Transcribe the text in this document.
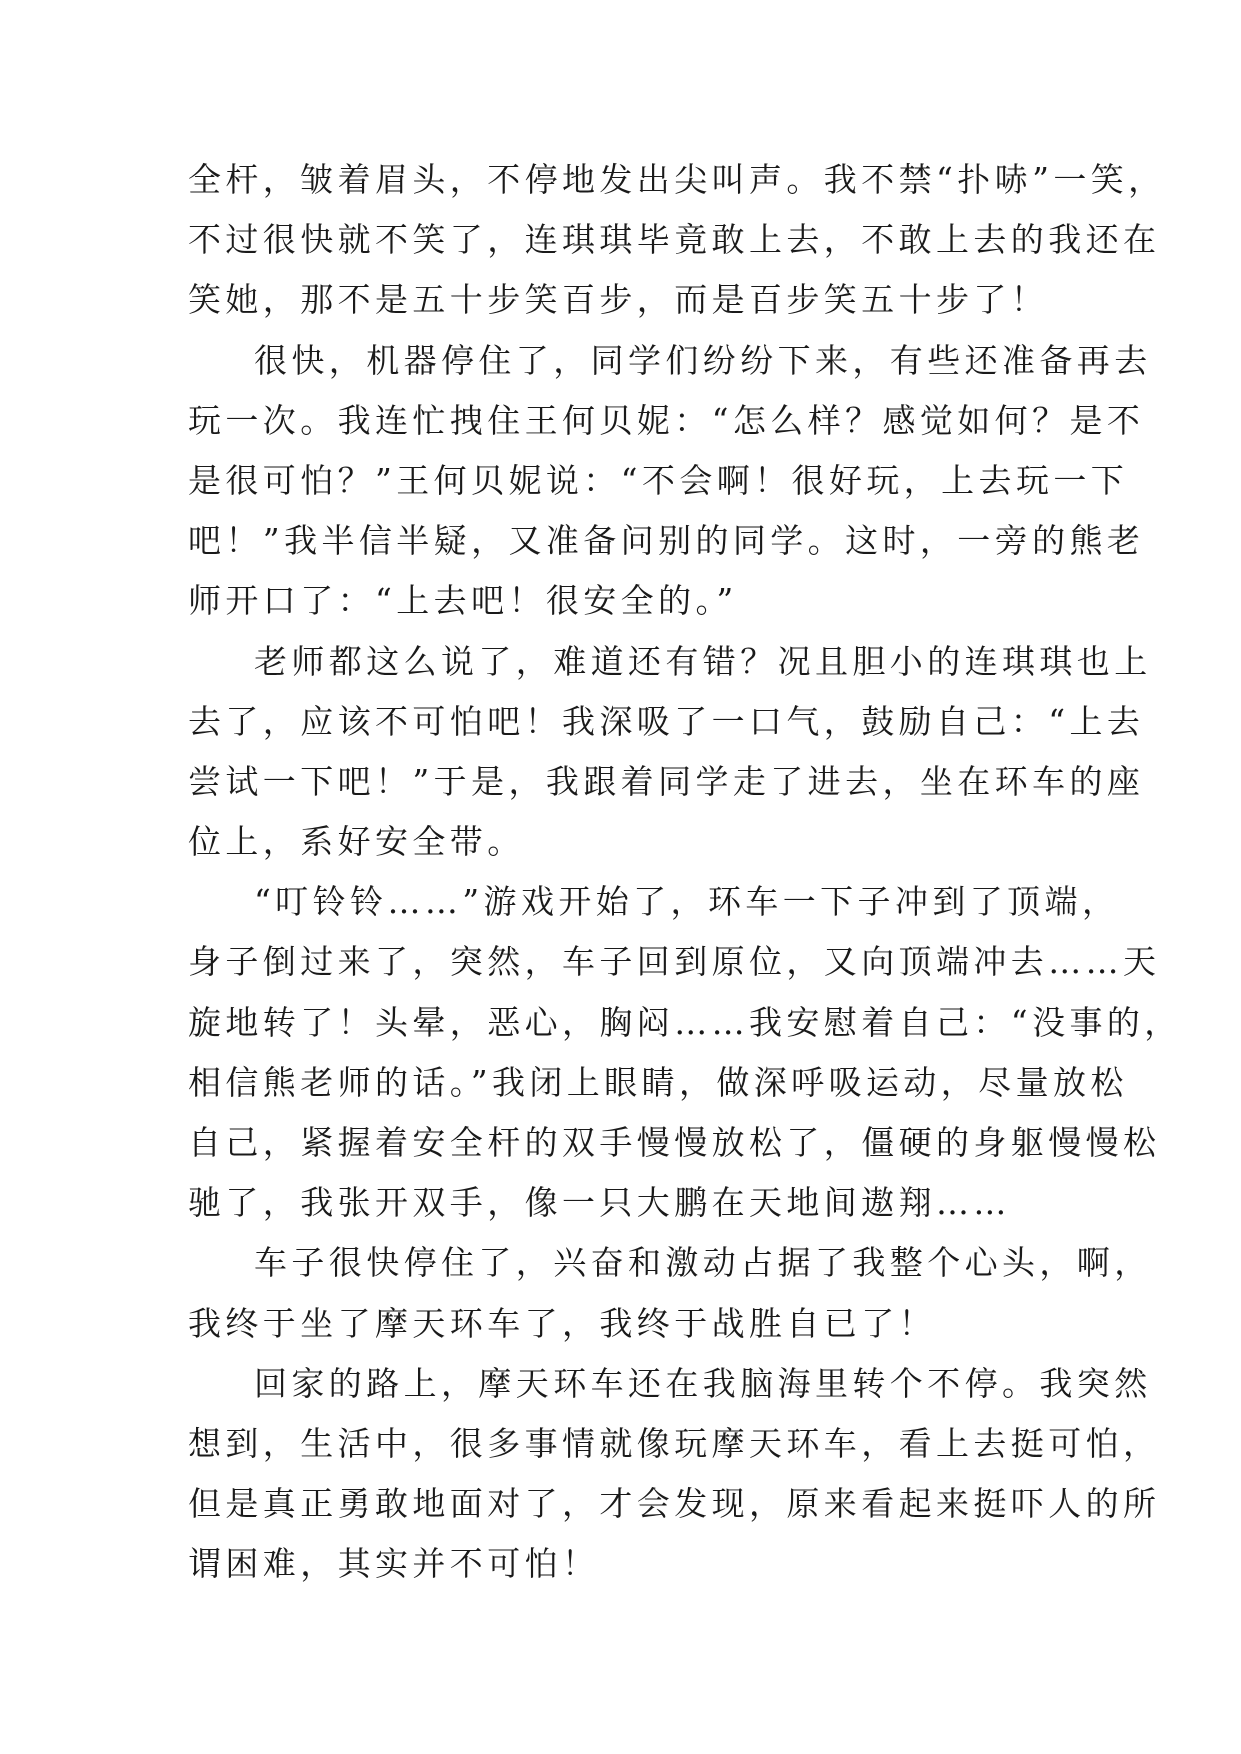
全杆，皱着眉头，不停地发出尖叫声。我不禁“扑哧”一笑，
不过很快就不笑了，连琪琪毕竟敢上去，不敢上去的我还在
笑她，那不是五十步笑百步，而是百步笑五十步了！
很快，机器停住了，同学们纷纷下来，有些还准备再去
玩一次。我连忙拽住王何贝妮：“怎么样？感觉如何？是不
是很可怕？”王何贝妮说：“不会啊！很好玩，上去玩一下
吧！”我半信半疑，又准备问别的同学。这时，一旁的熊老
师开口了：“上去吧！很安全的。”
老师都这么说了，难道还有错？况且胆小的连琪琪也上
去了，应该不可怕吧！我深吸了一口气，鼓励自己：“上去
尝试一下吧！”于是，我跟着同学走了进去，坐在环车的座
位上，系好安全带。
“叮铃铃……”游戏开始了，环车一下子冲到了顶端，
身子倒过来了，突然，车子回到原位，又向顶端冲去……天
旋地转了！头晕，恶心，胸闷……我安慰着自己：“没事的，
相信熊老师的话。”我闭上眼睛，做深呼吸运动，尽量放松
自己，紧握着安全杆的双手慢慢放松了，僵硬的身躯慢慢松
驰了，我张开双手，像一只大鹏在天地间遨翔……
车子很快停住了，兴奋和激动占据了我整个心头，啊，
我终于坐了摩天环车了，我终于战胜自已了！
回家的路上，摩天环车还在我脑海里转个不停。我突然
想到，生活中，很多事情就像玩摩天环车，看上去挺可怕，
但是真正勇敢地面对了，才会发现，原来看起来挺吓人的所
谓困难，其实并不可怕！
